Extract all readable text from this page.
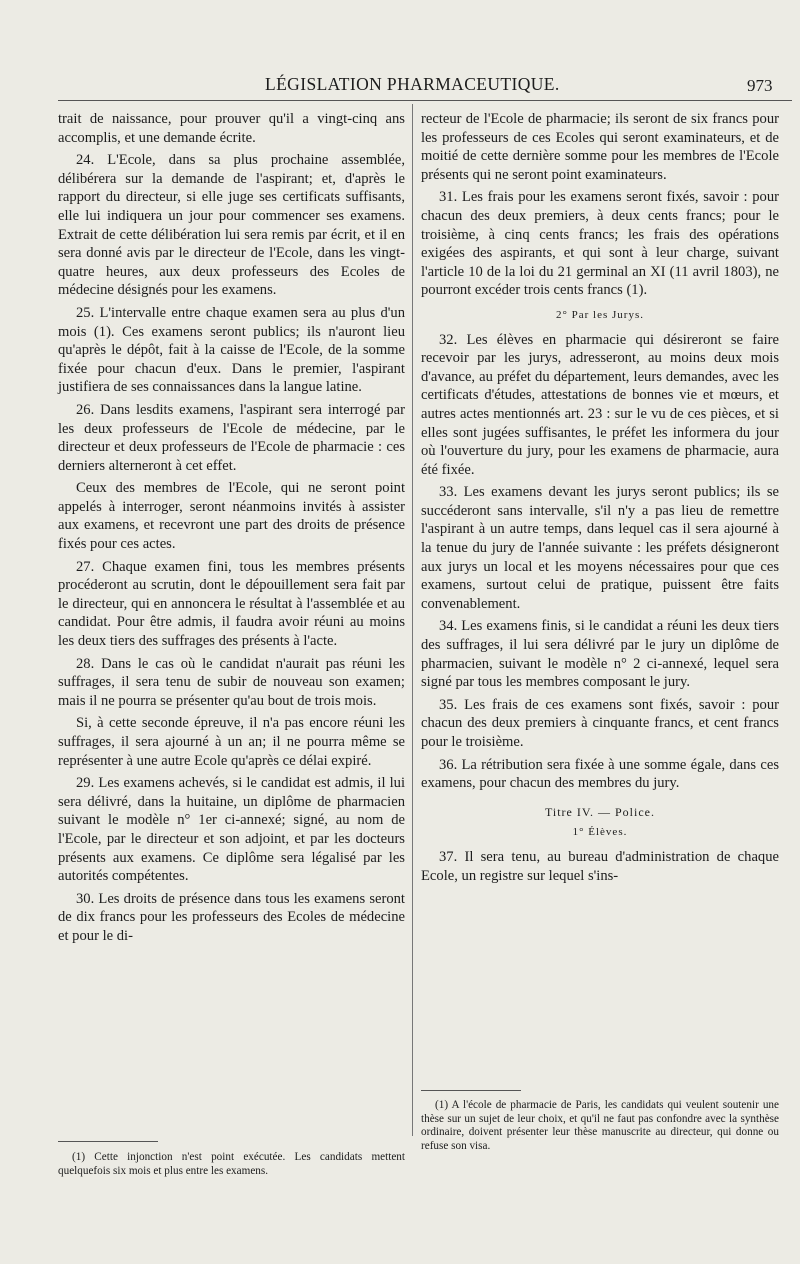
LÉGISLATION PHARMACEUTIQUE.	973

trait de naissance, pour prouver qu'il a vingt-cinq ans accomplis, et une demande écrite.

24. L'Ecole, dans sa plus prochaine assemblée, délibérera sur la demande de l'aspirant; et, d'après le rapport du directeur, si elle juge ses certificats suffisants, elle lui indiquera un jour pour commencer ses examens. Extrait de cette délibération lui sera remis par écrit, et il en sera donné avis par le directeur de l'Ecole, dans les vingt-quatre heures, aux deux professeurs des Ecoles de médecine désignés pour les examens.

25. L'intervalle entre chaque examen sera au plus d'un mois (1). Ces examens seront publics; ils n'auront lieu qu'après le dépôt, fait à la caisse de l'Ecole, de la somme fixée pour chacun d'eux. Dans le premier, l'aspirant justifiera de ses connaissances dans la langue latine.

26. Dans lesdits examens, l'aspirant sera interrogé par les deux professeurs de l'Ecole de médecine, par le directeur et deux professeurs de l'Ecole de pharmacie : ces derniers alterneront à cet effet.

Ceux des membres de l'Ecole, qui ne seront point appelés à interroger, seront néanmoins invités à assister aux examens, et recevront une part des droits de présence fixés pour ces actes.

27. Chaque examen fini, tous les membres présents procéderont au scrutin, dont le dépouillement sera fait par le directeur, qui en annoncera le résultat à l'assemblée et au candidat. Pour être admis, il faudra avoir réuni au moins les deux tiers des suffrages des présents à l'acte.

28. Dans le cas où le candidat n'aurait pas réuni les suffrages, il sera tenu de subir de nouveau son examen; mais il ne pourra se présenter qu'au bout de trois mois.

Si, à cette seconde épreuve, il n'a pas encore réuni les suffrages, il sera ajourné à un an; il ne pourra même se représenter à une autre Ecole qu'après ce délai expiré.

29. Les examens achevés, si le candidat est admis, il lui sera délivré, dans la huitaine, un diplôme de pharmacien suivant le modèle n° 1er ci-annexé; signé, au nom de l'Ecole, par le directeur et son adjoint, et par les docteurs présents aux examens. Ce diplôme sera légalisé par les autorités compétentes.

30. Les droits de présence dans tous les examens seront de dix francs pour les professeurs des Ecoles de médecine et pour le di-

recteur de l'Ecole de pharmacie; ils seront de six francs pour les professeurs de ces Ecoles qui seront examinateurs, et de moitié de cette dernière somme pour les membres de l'Ecole présents qui ne seront point examinateurs.

31. Les frais pour les examens seront fixés, savoir : pour chacun des deux premiers, à deux cents francs; pour le troisième, à cinq cents francs; les frais des opérations exigées des aspirants, et qui sont à leur charge, suivant l'article 10 de la loi du 21 germinal an XI (11 avril 1803), ne pourront excéder trois cents francs (1).

2° Par les Jurys.

32. Les élèves en pharmacie qui désireront se faire recevoir par les jurys, adresseront, au moins deux mois d'avance, au préfet du département, leurs demandes, avec les certificats d'études, attestations de bonnes vie et mœurs, et autres actes mentionnés art. 23 : sur le vu de ces pièces, et si elles sont jugées suffisantes, le préfet les informera du jour où l'ouverture du jury, pour les examens de pharmacie, aura été fixée.

33. Les examens devant les jurys seront publics; ils se succéderont sans intervalle, s'il n'y a pas lieu de remettre l'aspirant à un autre temps, dans lequel cas il sera ajourné à la tenue du jury de l'année suivante : les préfets désigneront aux jurys un local et les moyens nécessaires pour que ces examens, surtout celui de pratique, puissent être faits convenablement.

34. Les examens finis, si le candidat a réuni les deux tiers des suffrages, il lui sera délivré par le jury un diplôme de pharmacien, suivant le modèle n° 2 ci-annexé, lequel sera signé par tous les membres composant le jury.

35. Les frais de ces examens sont fixés, savoir : pour chacun des deux premiers à cinquante francs, et cent francs pour le troisième.

36. La rétribution sera fixée à une somme égale, dans ces examens, pour chacun des membres du jury.

Titre IV. — Police.
1° Élèves.

37. Il sera tenu, au bureau d'administration de chaque Ecole, un registre sur lequel s'ins-

(1) Cette injonction n'est point exécutée. Les candidats mettent quelquefois six mois et plus entre les examens.

(1) A l'école de pharmacie de Paris, les candidats qui veulent soutenir une thèse sur un sujet de leur choix, et qu'il ne faut pas confondre avec la synthèse ordinaire, doivent présenter leur thèse manuscrite au directeur, qui donne ou refuse son visa.
